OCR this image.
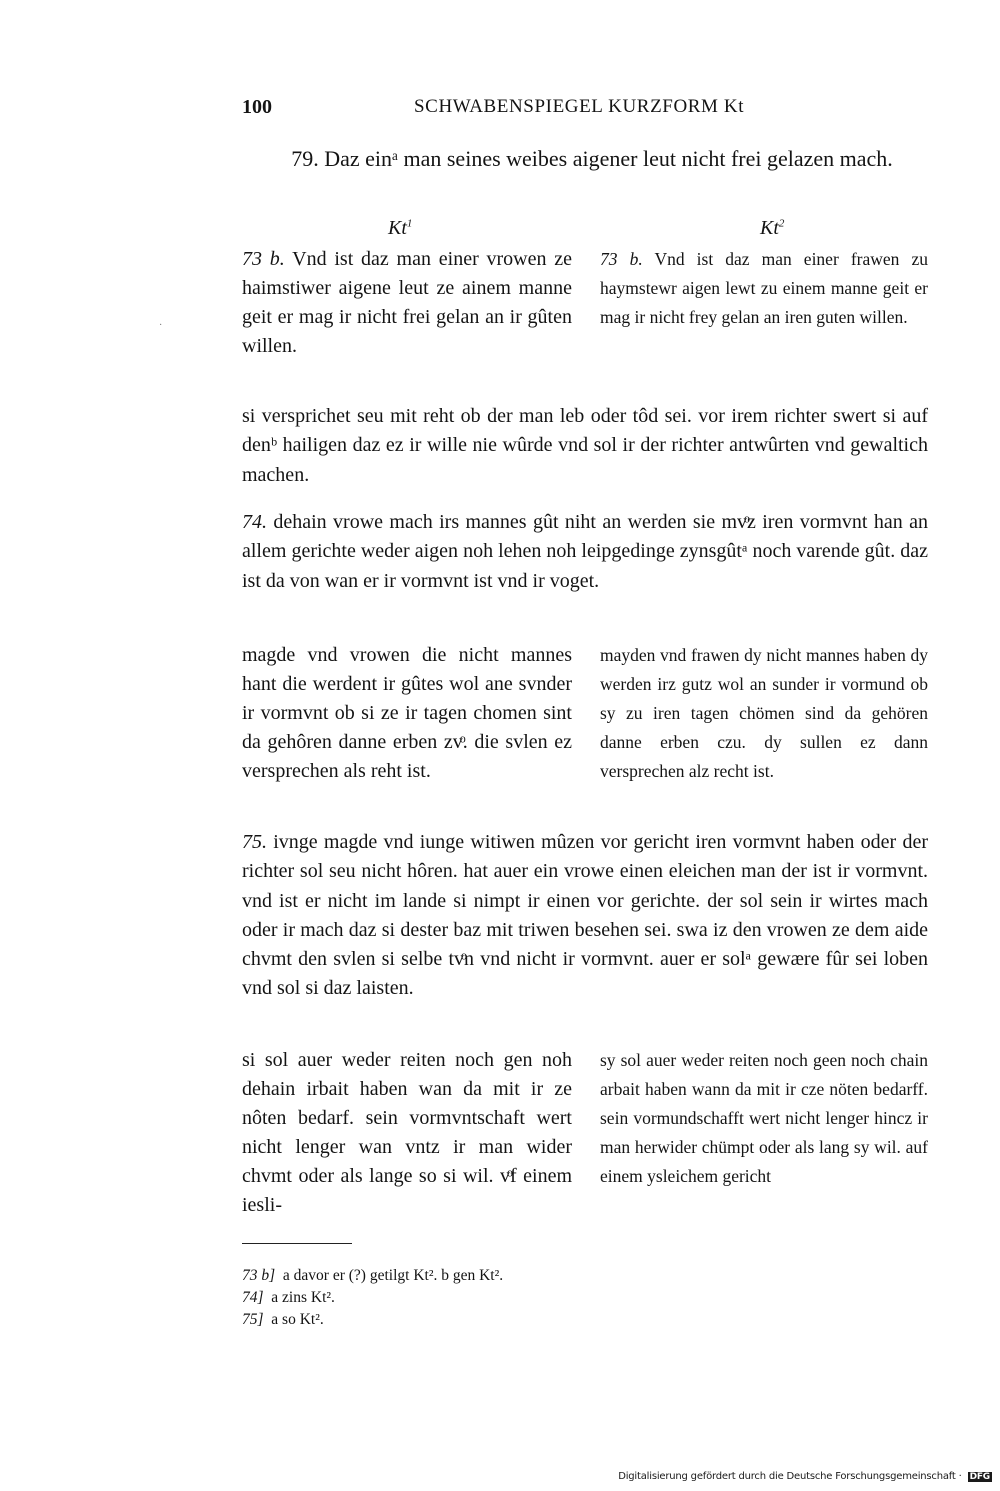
100	SCHWABENSPIEGEL KURZFORM Kt
79. Daz einᵃ man seines weibes aigener leut nicht frei gelazen mach.
Kt$^1$	$Kt^2$
·
73 b. Vnd ist daz man einer vrowen ze haimstiwer aigene leut ze ainem manne geit er mag ir nicht frei gelan an ir gûten willen.
73 b. Vnd ist daz man einer frawen zu haymstewr aigen lewt zu einem manne geit er mag ir nicht frey gelan an iren guten willen.
si versprichet seu mit reht ob der man leb oder tôd sei. vor irem richter swert si auf denᵇ hailigen daz ez ir wille nie wûrde vnd sol ir der richter antwûrten vnd gewaltich machen.
74. dehain vrowe mach irs mannes gût niht an werden sie mvͦz iren vormvnt han an allem gerichte weder aigen noh lehen noh leipgedinge zynsgûtᵃ noch varende gût. daz ist da von wan er ir vormvnt ist vnd ir voget.
magde vnd vrowen die nicht mannes hant die werdent ir gûtes wol ane svnder ir vormvnt ob si ze ir tagen chomen sint da gehôren danne erben zvͦ. die svlen ez versprechen als reht ist.
mayden vnd frawen dy nicht mannes haben dy werden irz gutz wol an sunder ir vormund ob sy zu iren tagen chömen sind da gehören danne erben czu. dy sullen ez dann versprechen alz recht ist.
75. ivnge magde vnd iunge witiwen mûzen vor gericht iren vormvnt haben oder der richter sol seu nicht hôren. hat auer ein vrowe einen eleichen man der ist ir vormvnt. vnd ist er nicht im lande si nimpt ir einen vor gerichte. der sol sein ir wirtes mach oder ir mach daz si dester baz mit triwen besehen sei. swa iz den vrowen ze dem aide chvmt den svlen si selbe tvͦn vnd nicht ir vormvnt. auer er solᵃ gewære fûr sei loben vnd sol si daz laisten.
si sol auer weder reiten noch gen noh dehain irbait haben wan da mit ir ze nôten bedarf. sein vormvntschaft wert nicht lenger wan vntz ir man wider chvmt oder als lange so si wil. vͦf einem iesli-
sy sol auer weder reiten noch geen noch chain arbait haben wann da mit ir cze nöten bedarff. sein vormundschafft wert nicht lenger hincz ir man herwider chümpt oder als lang sy wil. auf einem ysleichem gericht
73 b] a davor er (?) getilgt Kt². b gen Kt².
74] a zins Kt².
75] a so Kt².
Digitalisierung gefördert durch die Deutsche Forschungsgemeinschaft · DFG
